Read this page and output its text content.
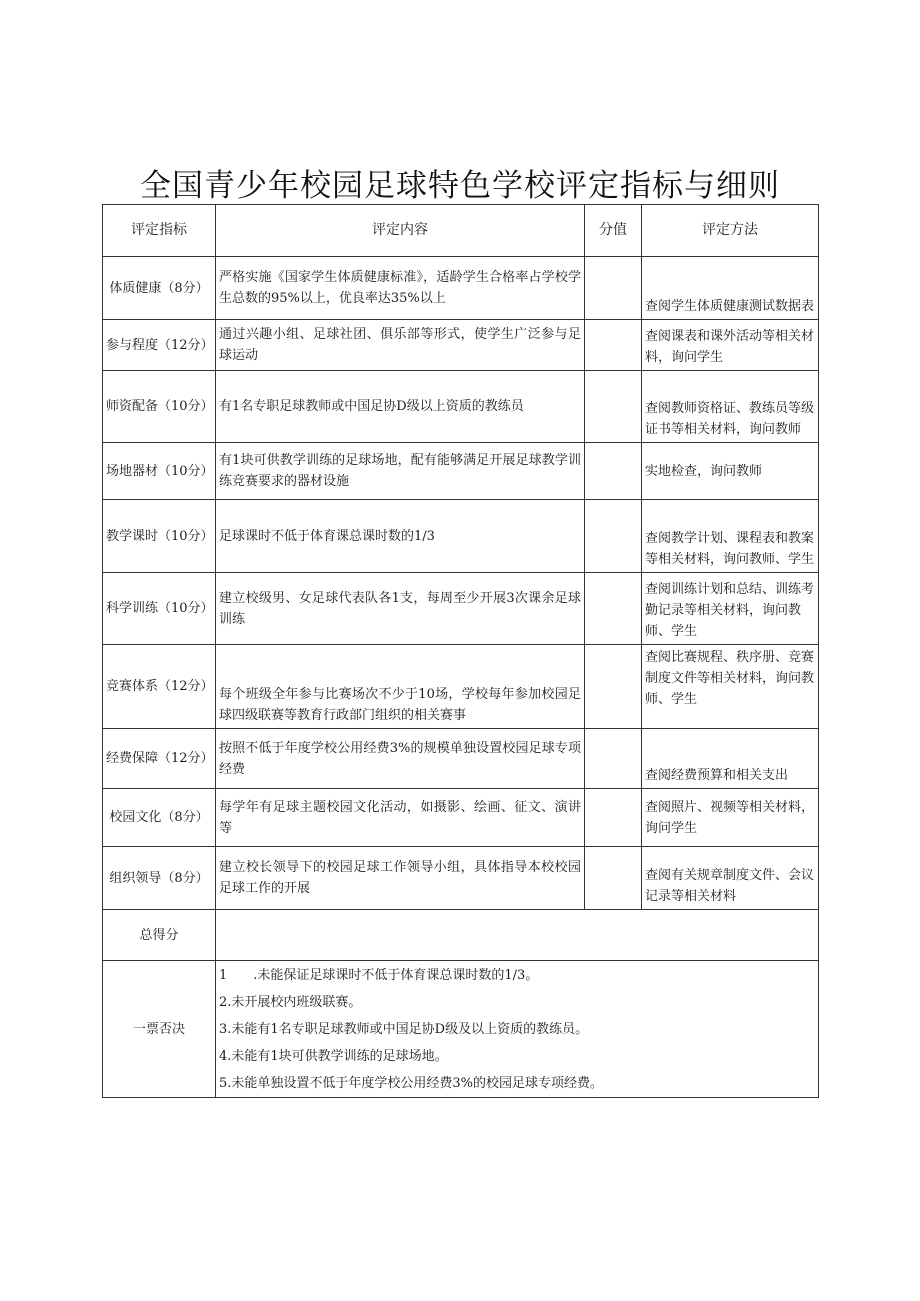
全国青少年校园足球特色学校评定指标与细则
评定指标	评定内容	分值	评定方法
体质健康（8分）	严格实施《国家学生体质健康标准》，适龄学生合格率占学校学生总数的95%以上，优良率达35%以上		查阅学生体质健康测试数据表
参与程度（12分）	通过兴趣小组、足球社团、俱乐部等形式，使学生广泛参与足球运动		查阅课表和课外活动等相关材料，询问学生
师资配备（10分）	有1名专职足球教师或中国足协D级以上资质的教练员		查阅教师资格证、教练员等级证书等相关材料，询问教师
场地器材（10分）	有1块可供教学训练的足球场地，配有能够满足开展足球教学训练竞赛要求的器材设施		实地检查，询问教师
教学课时（10分）	足球课时不低于体育课总课时数的1/3		查阅教学计划、课程表和教案等相关材料，询问教师、学生
科学训练（10分）	建立校级男、女足球代表队各1支，每周至少开展3次课余足球训练		查阅训练计划和总结、训练考勤记录等相关材料，询问教师、学生
竞赛体系（12分）	每个班级全年参与比赛场次不少于10场，学校每年参加校园足球四级联赛等教育行政部门组织的相关赛事		查阅比赛规程、秩序册、竞赛制度文件等相关材料，询问教师、学生
经费保障（12分）	按照不低于年度学校公用经费3%的规模单独设置校园足球专项经费		查阅经费预算和相关支出
校园文化（8分）	每学年有足球主题校园文化活动，如摄影、绘画、征文、演讲等		查阅照片、视频等相关材料，询问学生
组织领导（8分）	建立校长领导下的校园足球工作领导小组，具体指导本校校园足球工作的开展		查阅有关规章制度文件、会议记录等相关材料
总得分			
一票否决	1　　.未能保证足球课时不低于体育课总课时数的1/3。
2.未开展校内班级联赛。
3.未能有1名专职足球教师或中国足协D级及以上资质的教练员。
4.未能有1块可供教学训练的足球场地。
5.未能单独设置不低于年度学校公用经费3%的校园足球专项经费。		
